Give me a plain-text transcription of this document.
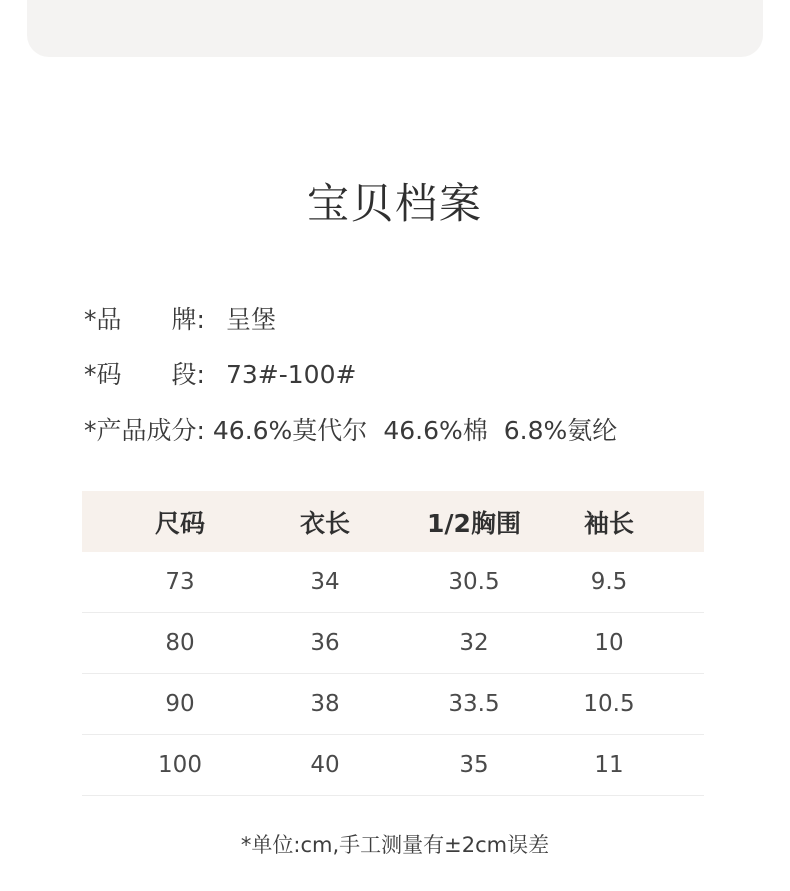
宝贝档案
*品　　牌: 呈堡
*码　　段: 73#-100#
*产品成分: 46.6%莫代尔 46.6%棉 6.8%氨纶
尺码	衣长	1/2胸围	袖长
73	34	30.5	9.5
80	36	32	10
90	38	33.5	10.5
100	40	35	11
*单位:cm,手工测量有±2cm误差
